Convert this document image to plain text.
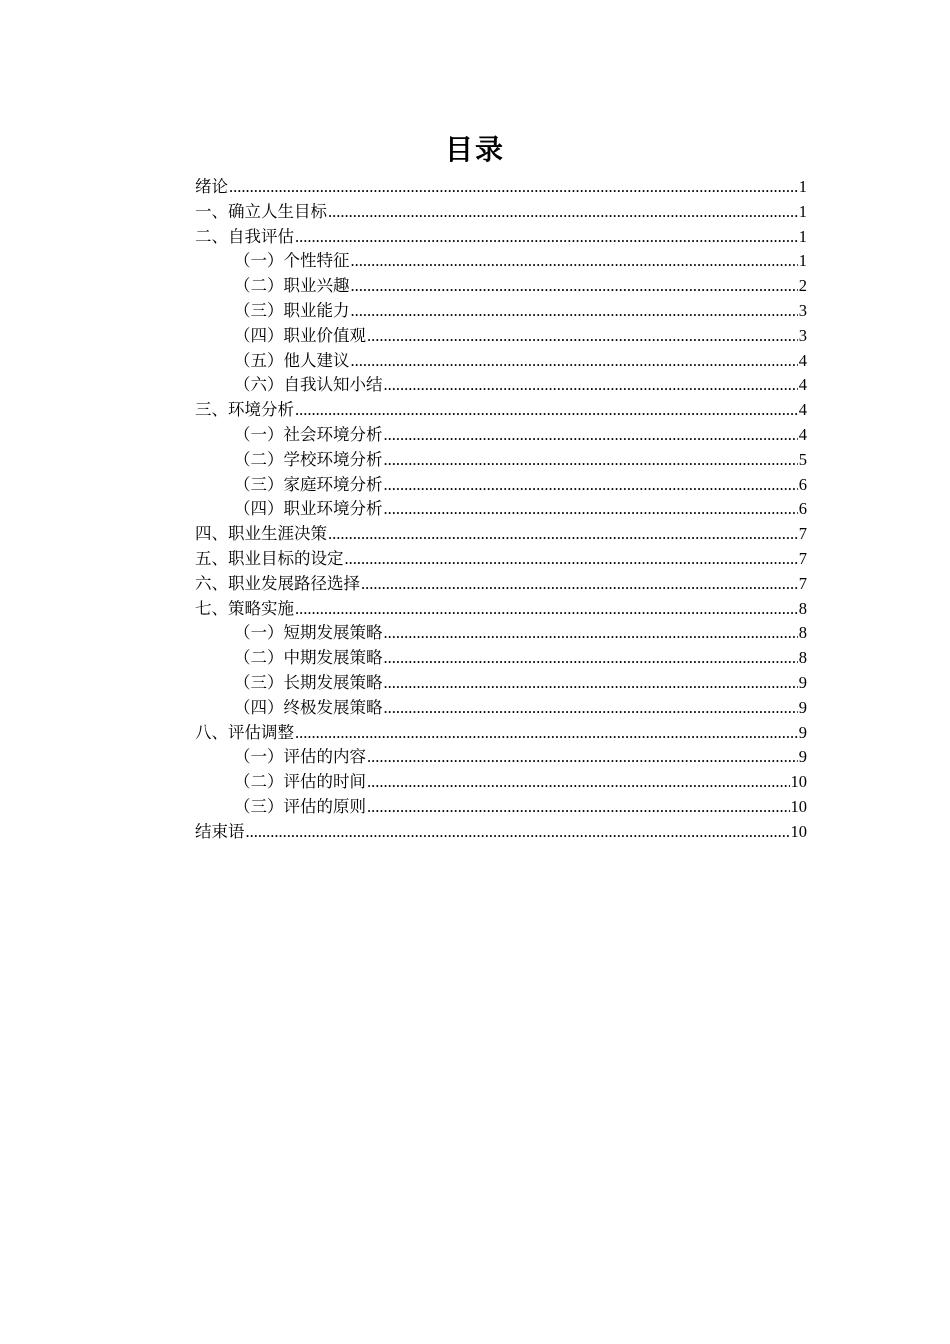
目录
绪论 .....	1
一、确立人生目标 .....	1
二、自我评估 .....	1
（一）个性特征 .....	1
（二）职业兴趣 .....	2
（三）职业能力 .....	3
（四）职业价值观 .....	3
（五）他人建议 .....	4
（六）自我认知小结 .....	4
三、环境分析 .....	4
（一）社会环境分析 .....	4
（二）学校环境分析 .....	5
（三）家庭环境分析 .....	6
（四）职业环境分析 .....	6
四、职业生涯决策 .....	7
五、职业目标的设定 .....	7
六、职业发展路径选择 .....	7
七、策略实施 .....	8
（一）短期发展策略 .....	8
（二）中期发展策略 .....	8
（三）长期发展策略 .....	9
（四）终极发展策略 .....	9
八、评估调整 .....	9
（一）评估的内容 .....	9
（二）评估的时间 .....	10
（三）评估的原则 .....	10
结束语 .....	10
